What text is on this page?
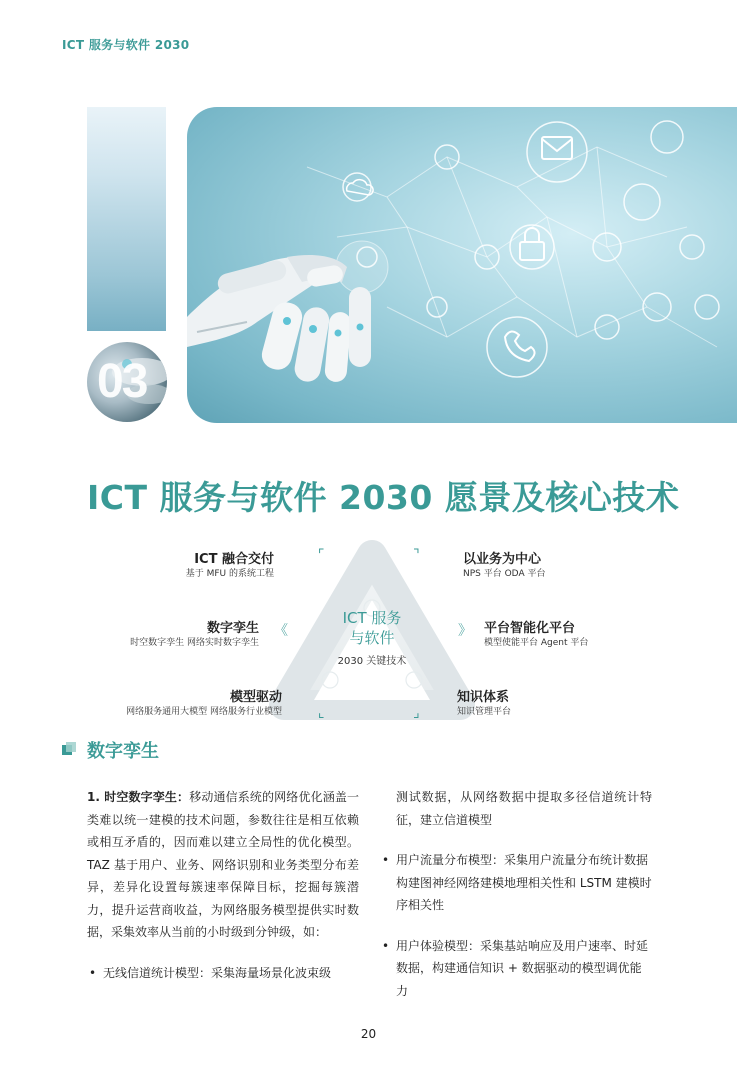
ICT 服务与软件 2030
03
ICT 服务与软件 2030 愿景及核心技术
ICT 服务
与软件
2030 关键技术
⌜	⌝
《	》
⌞	⌟
ICT 融合交付
基于 MFU 的系统工程
数字孪生
时空数字孪生 网络实时数字孪生
模型驱动
网络服务通用大模型 网络服务行业模型
以业务为中心
NPS 平台 ODA 平台
平台智能化平台
模型使能平台 Agent 平台
知识体系
知识管理平台
数字孪生

1. 时空数字孪生：移动通信系统的网络优化涵盖一类难以统一建模的技术问题，参数往往是相互依赖或相互矛盾的，因而难以建立全局性的优化模型。TAZ 基于用户、业务、网络识别和业务类型分布差异，差异化设置每簇速率保障目标，挖掘每簇潜力，提升运营商收益，为网络服务模型提供实时数据，采集效率从当前的小时级到分钟级，如：

• 无线信道统计模型：采集海量场景化波束级

测试数据，从网络数据中提取多径信道统计特征，建立信道模型

• 用户流量分布模型：采集用户流量分布统计数据构建图神经网络建模地理相关性和 LSTM 建模时序相关性
• 用户体验模型：采集基站响应及用户速率、时延数据，构建通信知识 + 数据驱动的模型调优能力
20
